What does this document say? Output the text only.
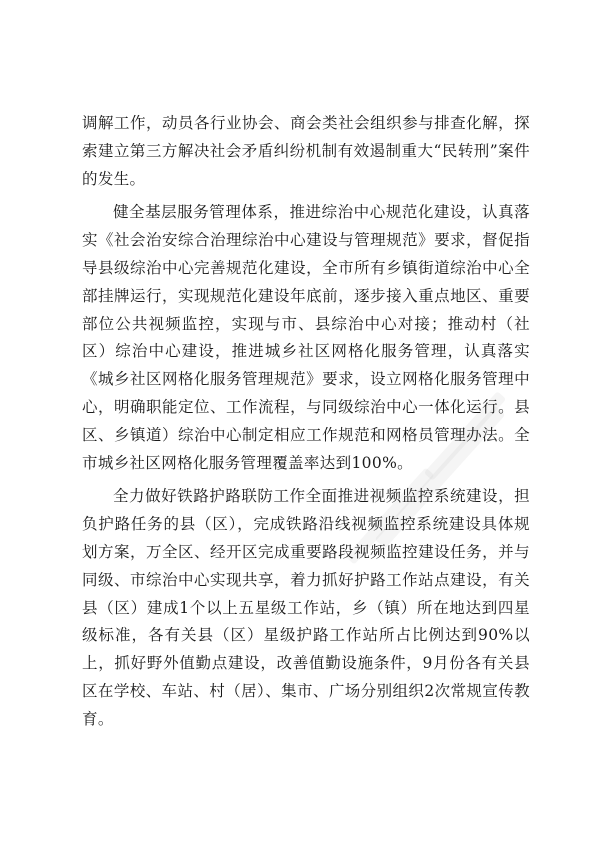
调解工作，动员各行业协会、商会类社会组织参与排查化解，探索建立第三方解决社会矛盾纠纷机制有效遏制重大“民转刑”案件的发生。

健全基层服务管理体系，推进综治中心规范化建设，认真落实《社会治安综合治理综治中心建设与管理规范》要求，督促指导县级综治中心完善规范化建设，全市所有乡镇街道综治中心全部挂牌运行，实现规范化建设年底前，逐步接入重点地区、重要部位公共视频监控，实现与市、县综治中心对接；推动村（社区）综治中心建设，推进城乡社区网格化服务管理，认真落实《城乡社区网格化服务管理规范》要求，设立网格化服务管理中心，明确职能定位、工作流程，与同级综治中心一体化运行。县区、乡镇道）综治中心制定相应工作规范和网格员管理办法。全市城乡社区网格化服务管理覆盖率达到100%。

全力做好铁路护路联防工作全面推进视频监控系统建设，担负护路任务的县（区），完成铁路沿线视频监控系统建设具体规划方案，万全区、经开区完成重要路段视频监控建设任务，并与同级、市综治中心实现共享，着力抓好护路工作站点建设，有关县（区）建成1个以上五星级工作站，乡（镇）所在地达到四星级标准，各有关县（区）星级护路工作站所占比例达到90%以上，抓好野外值勤点建设，改善值勤设施条件，9月份各有关县区在学校、车站、村（居）、集市、广场分别组织2次常规宣传教育。
